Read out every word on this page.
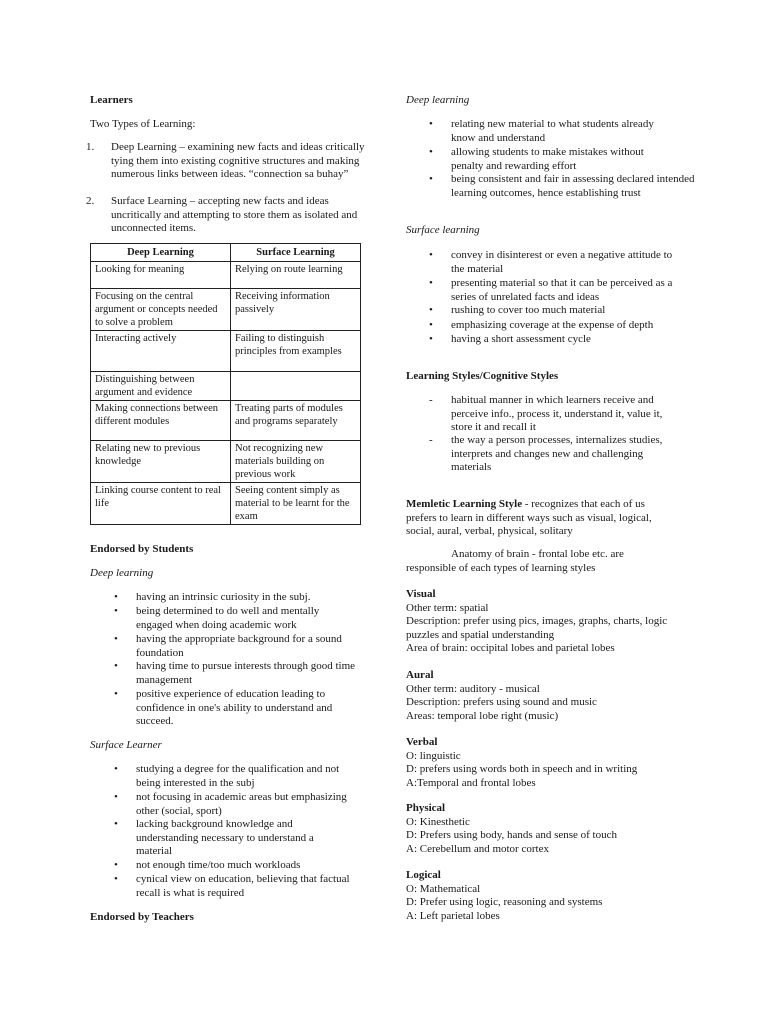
Learners
Two Types of Learning:
1. Deep Learning – examining new facts and ideas critically tying them into existing cognitive structures and making numerous links between ideas. “connection sa buhay”
2. Surface Learning – accepting new facts and ideas uncritically and attempting to store them as isolated and unconnected items.
Deep Learning	Surface Learning
Looking for meaning	Relying on route learning
Focusing on the central argument or concepts needed to solve a problem	Receiving information passively
Interacting actively	Failing to distinguish principles from examples
Distinguishing between argument and evidence	
Making connections between different modules	Treating parts of modules and programs separately
Relating new to previous knowledge	Not recognizing new materials building on previous work
Linking course content to real life	Seeing content simply as material to be learnt for the exam
Endorsed by Students
Deep learning
• having an intrinsic curiosity in the subj.
• being determined to do well and mentally engaged when doing academic work
• having the appropriate background for a sound foundation
• having time to pursue interests through good time management
• positive experience of education leading to confidence in one's ability to understand and succeed.
Surface Learner
• studying a degree for the qualification and not being interested in the subj
• not focusing in academic areas but emphasizing other (social, sport)
• lacking background knowledge and understanding necessary to understand a material
• not enough time/too much workloads
• cynical view on education, believing that factual recall is what is required
Endorsed by Teachers
Deep learning
• relating new material to what students already know and understand
• allowing students to make mistakes without penalty and rewarding effort
• being consistent and fair in assessing declared intended learning outcomes, hence establishing trust
Surface learning
• convey in disinterest or even a negative attitude to the material
• presenting material so that it can be perceived as a series of unrelated facts and ideas
• rushing to cover too much material
• emphasizing coverage at the expense of depth
• having a short assessment cycle
Learning Styles/Cognitive Styles
- habitual manner in which learners receive and perceive info., process it, understand it, value it, store it and recall it
- the way a person processes, internalizes studies, interprets and changes new and challenging materials
Memletic Learning Style - recognizes that each of us prefers to learn in different ways such as visual, logical, social, aural, verbal, physical, solitary
Anatomy of brain - frontal lobe etc. are responsible of each types of learning styles
Visual
Other term: spatial
Description: prefer using pics, images, graphs, charts, logic puzzles and spatial understanding
Area of brain: occipital lobes and parietal lobes
Aural
Other term: auditory - musical
Description: prefers using sound and music
Areas: temporal lobe right (music)
Verbal
O: linguistic
D: prefers using words both in speech and in writing
A:Temporal and frontal lobes
Physical
O: Kinesthetic
D: Prefers using body, hands and sense of touch
A: Cerebellum and motor cortex
Logical
O: Mathematical
D: Prefer using logic, reasoning and systems
A: Left parietal lobes
